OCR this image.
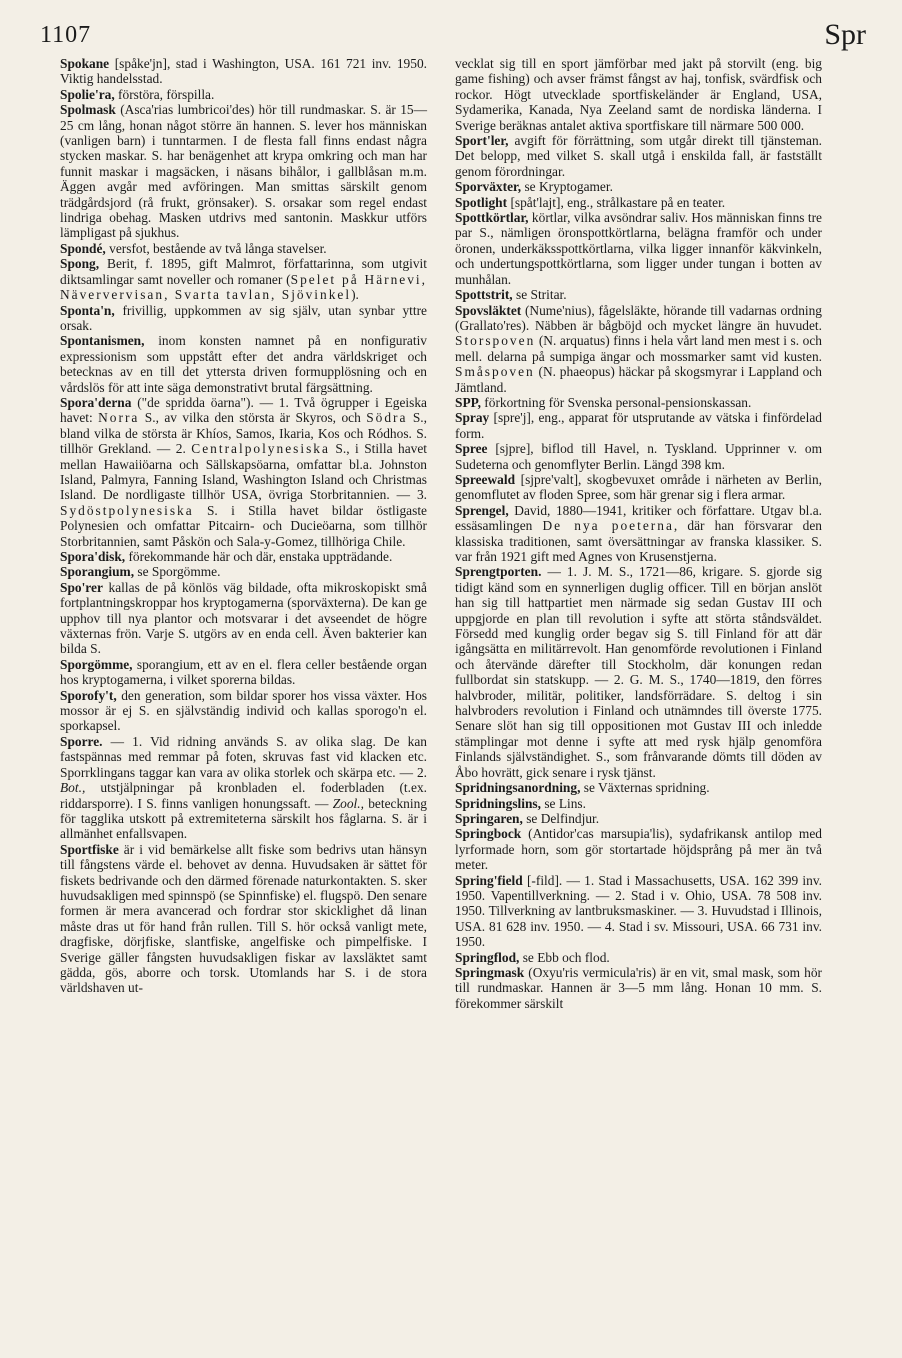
1107	Spr

Spokane [spåke'jn], stad i Washington, USA. 161 721 inv. 1950. Viktig handelsstad.

Spolie'ra, förstöra, förspilla.

Spolmask (Asca'rias lumbricoi'des) hör till rundmaskar. S. är 15—25 cm lång, honan något större än hannen. S. lever hos människan (vanligen barn) i tunntarmen. I de flesta fall finns endast några stycken maskar. S. har benägenhet att krypa omkring och man har funnit maskar i magsäcken, i näsans bihålor, i gallblåsan m.m. Äggen avgår med avföringen. Man smittas särskilt genom trädgårdsjord (rå frukt, grönsaker). S. orsakar som regel endast lindriga obehag. Masken utdrivs med santonin. Maskkur utförs lämpligast på sjukhus.

Spondé, versfot, bestående av två långa stavelser.

Spong, Berit, f. 1895, gift Malmrot, författarinna, som utgivit diktsamlingar samt noveller och romaner (Spelet på Härnevi, Näververvisan, Svarta tavlan, Sjövinkel).

Sponta'n, frivillig, uppkommen av sig själv, utan synbar yttre orsak.

Spontanismen, inom konsten namnet på en nonfigurativ expressionism som uppstått efter det andra världskriget och betecknas av en till det yttersta driven formupplösning och en vårdslös för att inte säga demonstrativt brutal färgsättning.

Spora'derna ("de spridda öarna"). — 1. Två ögrupper i Egeiska havet: Norra S., av vilka den största är Skyros, och Södra S., bland vilka de största är Khíos, Samos, Ikaria, Kos och Ródhos. S. tillhör Grekland. — 2. Centralpolynesiska S., i Stilla havet mellan Hawaiiöarna och Sällskapsöarna, omfattar bl.a. Johnston Island, Palmyra, Fanning Island, Washington Island och Christmas Island. De nordligaste tillhör USA, övriga Storbritannien. — 3. Sydöstpolynesiska S. i Stilla havet bildar östligaste Polynesien och omfattar Pitcairn- och Ducieöarna, som tillhör Storbritannien, samt Påskön och Sala-y-Gomez, tillhöriga Chile.

Spora'disk, förekommande här och där, enstaka uppträdande.

Sporangium, se Sporgömme.

Spo'rer kallas de på könlös väg bildade, ofta mikroskopiskt små fortplantningskroppar hos kryptogamerna (sporväxterna). De kan ge upphov till nya plantor och motsvarar i det avseendet de högre växternas frön. Varje S. utgörs av en enda cell. Även bakterier kan bilda S.

Sporgömme, sporangium, ett av en el. flera celler bestående organ hos kryptogamerna, i vilket sporerna bildas.

Sporofy't, den generation, som bildar sporer hos vissa växter. Hos mossor är ej S. en självständig individ och kallas sporogo'n el. sporkapsel.

Sporre. — 1. Vid ridning används S. av olika slag. De kan fastspännas med remmar på foten, skruvas fast vid klacken etc. Sporrklingans taggar kan vara av olika storlek och skärpa etc. — 2. Bot., utstjälpningar på kronbladen el. foderbladen (t.ex. riddarsporre). I S. finns vanligen honungssaft. — Zool., beteckning för tagglika utskott på extremiteterna särskilt hos fåglarna. S. är i allmänhet enfallsvapen.

Sportfiske är i vid bemärkelse allt fiske som bedrivs utan hänsyn till fångstens värde el. behovet av denna. Huvudsaken är sättet för fiskets bedrivande och den därmed förenade naturkontakten. S. sker huvudsakligen med spinnspö (se Spinnfiske) el. flugspö. Den senare formen är mera avancerad och fordrar stor skicklighet då linan måste dras ut för hand från rullen. Till S. hör också vanligt mete, dragfiske, dörjfiske, slantfiske, angelfiske och pimpelfiske. I Sverige gäller fångsten huvudsakligen fiskar av laxsläktet samt gädda, gös, aborre och torsk. Utomlands har S. i de stora världshaven ut-

vecklat sig till en sport jämförbar med jakt på storvilt (eng. big game fishing) och avser främst fångst av haj, tonfisk, svärdfisk och rockor. Högt utvecklade sportfiskeländer är England, USA, Sydamerika, Kanada, Nya Zeeland samt de nordiska länderna. I Sverige beräknas antalet aktiva sportfiskare till närmare 500 000.

Sport'ler, avgift för förrättning, som utgår direkt till tjänsteman. Det belopp, med vilket S. skall utgå i enskilda fall, är fastställt genom förordningar.

Sporväxter, se Kryptogamer.

Spotlight [spåt'lajt], eng., strålkastare på en teater.

Spottkörtlar, körtlar, vilka avsöndrar saliv. Hos människan finns tre par S., nämligen öronspottkörtlarna, belägna framför och under öronen, underkäksspottkörtlarna, vilka ligger innanför käkvinkeln, och undertungspottkörtlarna, som ligger under tungan i botten av munhålan.

Spottstrit, se Stritar.

Spovsläktet (Nume'nius), fågelsläkte, hörande till vadarnas ordning (Grallato'res). Näbben är bågböjd och mycket längre än huvudet. Storspoven (N. arquatus) finns i hela vårt land men mest i s. och mell. delarna på sumpiga ängar och mossmarker samt vid kusten. Småspoven (N. phaeopus) häckar på skogsmyrar i Lappland och Jämtland.

SPP, förkortning för Svenska personal-pensionskassan.

Spray [spre'j], eng., apparat för utsprutande av vätska i finfördelad form.

Spree [sjpre], biflod till Havel, n. Tyskland. Upprinner v. om Sudeterna och genomflyter Berlin. Längd 398 km.

Spreewald [sjpre'valt], skogbevuxet område i närheten av Berlin, genomflutet av floden Spree, som här grenar sig i flera armar.

Sprengel, David, 1880—1941, kritiker och författare. Utgav bl.a. essäsamlingen De nya poeterna, där han försvarar den klassiska traditionen, samt översättningar av franska klassiker. S. var från 1921 gift med Agnes von Krusenstjerna.

Sprengtporten. — 1. J. M. S., 1721—86, krigare. S. gjorde sig tidigt känd som en synnerligen duglig officer. Till en början anslöt han sig till hattpartiet men närmade sig sedan Gustav III och uppgjorde en plan till revolution i syfte att störta ståndsväldet. Försedd med kunglig order begav sig S. till Finland för att där igångsätta en militärrevolt. Han genomförde revolutionen i Finland och återvände därefter till Stockholm, där konungen redan fullbordat sin statskupp. — 2. G. M. S., 1740—1819, den förres halvbroder, militär, politiker, landsförrädare. S. deltog i sin halvbroders revolution i Finland och utnämndes till överste 1775. Senare slöt han sig till oppositionen mot Gustav III och inledde stämplingar mot denne i syfte att med rysk hjälp genomföra Finlands självständighet. S., som frånvarande dömts till döden av Åbo hovrätt, gick senare i rysk tjänst.

Spridningsanordning, se Växternas spridning.

Spridningslins, se Lins.

Springaren, se Delfindjur.

Springbock (Antidor'cas marsupia'lis), sydafrikansk antilop med lyrformade horn, som gör stortartade höjdsprång på mer än två meter.

Spring'field [-fild]. — 1. Stad i Massachusetts, USA. 162 399 inv. 1950. Vapentillverkning. — 2. Stad i v. Ohio, USA. 78 508 inv. 1950. Tillverkning av lantbruksmaskiner. — 3. Huvudstad i Illinois, USA. 81 628 inv. 1950. — 4. Stad i sv. Missouri, USA. 66 731 inv. 1950.

Springflod, se Ebb och flod.

Springmask (Oxyu'ris vermicula'ris) är en vit, smal mask, som hör till rundmaskar. Hannen är 3—5 mm lång. Honan 10 mm. S. förekommer särskilt
